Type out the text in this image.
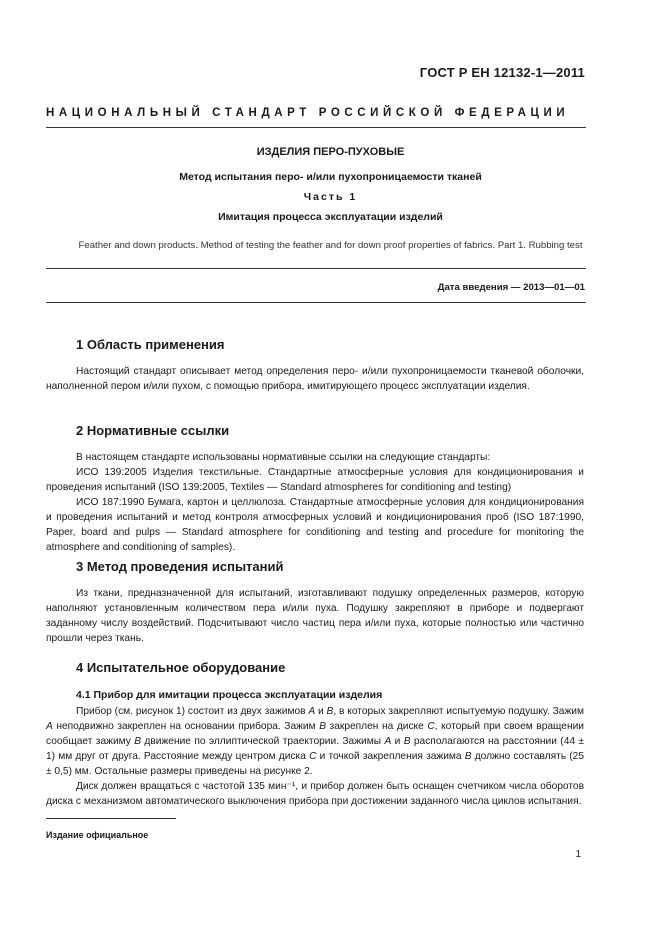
ГОСТ Р ЕН 12132-1—2011
НАЦИОНАЛЬНЫЙ СТАНДАРТ РОССИЙСКОЙ ФЕДЕРАЦИИ
ИЗДЕЛИЯ ПЕРО-ПУХОВЫЕ
Метод испытания перо- и/или пухопроницаемости тканей
Часть 1
Имитация процесса эксплуатации изделий
Feather and down products. Method of testing the feather and for down proof properties of fabrics. Part 1. Rubbing test
Дата введения — 2013—01—01
1 Область применения
Настоящий стандарт описывает метод определения перо- и/или пухопроницаемости тканевой оболочки, наполненной пером и/или пухом, с помощью прибора, имитирующего процесс эксплуатации изделия.
2 Нормативные ссылки
В настоящем стандарте использованы нормативные ссылки на следующие стандарты:
ИСО 139:2005 Изделия текстильные. Стандартные атмосферные условия для кондиционирования и проведения испытаний (ISO 139:2005, Textiles — Standard atmospheres for conditioning and testing)
ИСО 187:1990 Бумага, картон и целлюлоза. Стандартные атмосферные условия для кондиционирования и проведения испытаний и метод контроля атмосферных условий и кондиционирования проб (ISO 187:1990, Paper, board and pulps — Standard atmosphere for conditioning and testing and procedure for monitoring the atmosphere and conditioning of samples).
3 Метод проведения испытаний
Из ткани, предназначенной для испытаний, изготавливают подушку определенных размеров, которую наполняют установленным количеством пера и/или пуха. Подушку закрепляют в приборе и подвергают заданному числу воздействий. Подсчитывают число частиц пера и/или пуха, которые полностью или частично прошли через ткань.
4 Испытательное оборудование
4.1 Прибор для имитации процесса эксплуатации изделия
Прибор (см. рисунок 1) состоит из двух зажимов A и B, в которых закрепляют испытуемую подушку. Зажим A неподвижно закреплен на основании прибора. Зажим B закреплен на диске C, который при своем вращении сообщает зажиму B движение по эллиптической траектории. Зажимы A и B располагаются на расстоянии (44 ± 1) мм друг от друга. Расстояние между центром диска C и точкой закрепления зажима B должно составлять (25 ± 0,5) мм. Остальные размеры приведены на рисунке 2.
Диск должен вращаться с частотой 135 мин⁻¹, и прибор должен быть оснащен счетчиком числа оборотов диска с механизмом автоматического выключения прибора при достижении заданного числа циклов испытания.
Издание официальное
1
